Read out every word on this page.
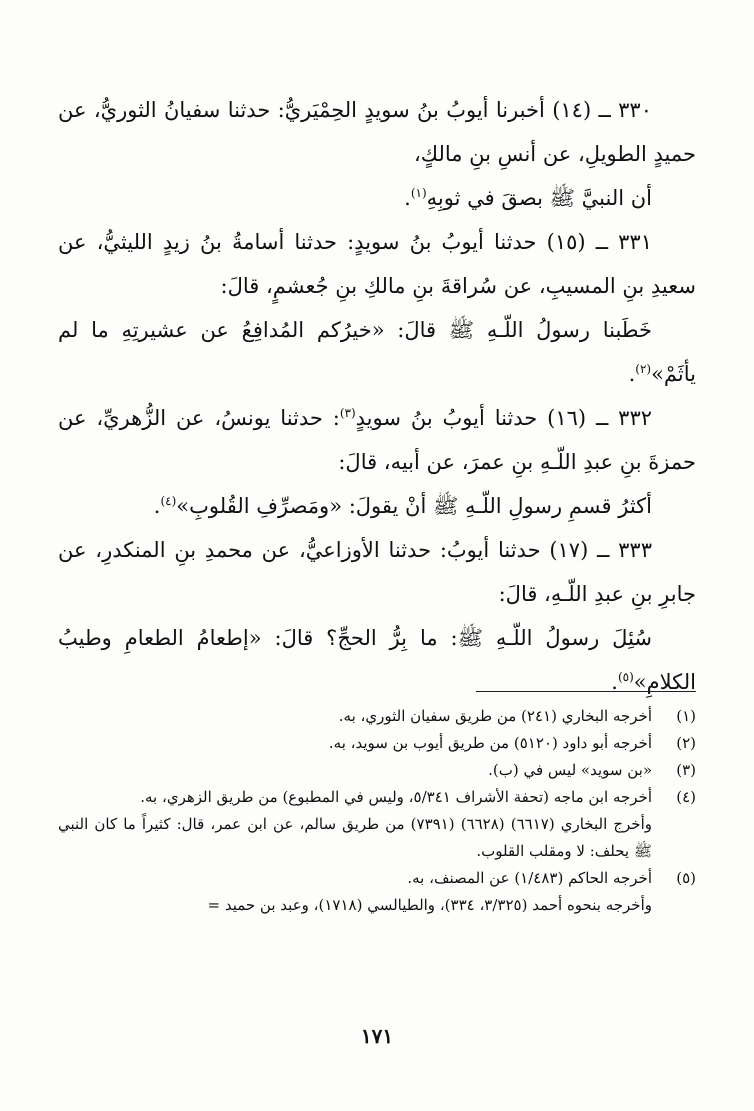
٣٣٠ ــ (١٤) أخبرنا أيوبُ بنُ سويدٍ الحِمْيَريُّ: حدثنا سفيانُ الثوريُّ، عن حميدٍ الطويلِ، عن أنسِ بنِ مالكٍ،

أن النبيَّ ﷺ بصقَ في ثوبِهِ$^{(١)}$.

٣٣١ ــ (١٥) حدثنا أيوبُ بنُ سويدٍ: حدثنا أسامةُ بنُ زيدٍ الليثيُّ، عن سعيدِ بنِ المسيبِ، عن سُراقةَ بنِ مالكِ بنِ جُعشمٍ، قالَ:

خَطَبنا رسولُ اللّـهِ ﷺ قالَ: «خيرُكم المُدافِعُ عن عشيرتِهِ ما لم يأثَمْ»$^{(٢)}$.

٣٣٢ ــ (١٦) حدثنا أيوبُ بنُ سويدٍ$^{(٣)}$: حدثنا يونسُ، عن الزُّهريِّ، عن حمزةَ بنِ عبدِ اللّـهِ بنِ عمرَ، عن أبيه، قالَ:

أكثرُ قسمِ رسولِ اللّـهِ ﷺ أنْ يقولَ: «ومَصرِّفِ القُلوبِ»$^{(٤)}$.

٣٣٣ ــ (١٧) حدثنا أيوبُ: حدثنا الأوزاعيُّ، عن محمدِ بنِ المنكدرِ، عن جابرِ بنِ عبدِ اللّـهِ، قالَ:

سُئِلَ رسولُ اللّـهِ ﷺ: ما بِرُّ الحجِّ؟ قالَ: «إطعامُ الطعامِ وطيبُ الكلامِ»$^{(٥)}$.

(١)
أخرجه البخاري (٢٤١) من طريق سفيان الثوري، به.
(٢)
أخرجه أبو داود (٥١٢٠) من طريق أيوب بن سويد، به.
(٣)
«بن سويد» ليس في (ب).
(٤)
أخرجه ابن ماجه (تحفة الأشراف ٥/٣٤١، وليس في المطبوع) من طريق الزهري، به.
وأخرج البخاري (٦٦١٧) (٦٦٢٨) (٧٣٩١) من طريق سالم، عن ابن عمر، قال: كثيراً ما كان النبي ﷺ يحلف: لا ومقلب القلوب.
(٥)
أخرجه الحاكم (١/٤٨٣) عن المصنف، به.
وأخرجه بنحوه أحمد (٣/٣٢٥، ٣٣٤)، والطيالسي (١٧١٨)، وعبد بن حميد =
١٧١
